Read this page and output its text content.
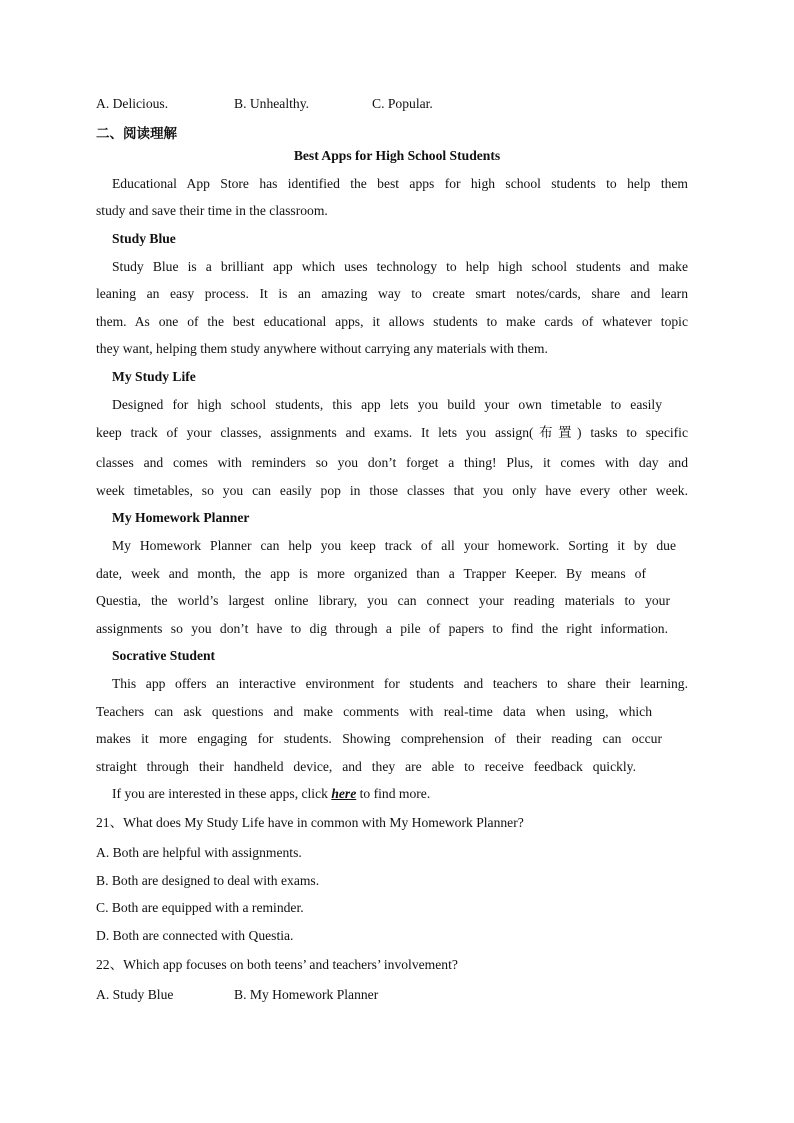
A. Delicious.	B. Unhealthy.	C. Popular.
二、阅读理解
Best Apps for High School Students
Educational App Store has identified the best apps for high school students to help them
study and save their time in the classroom.
Study Blue
Study Blue is a brilliant app which uses technology to help high school students and make
leaning an easy process. It is an amazing way to create smart notes/cards, share and learn
them. As one of the best educational apps, it allows students to make cards of whatever topic
they want, helping them study anywhere without carrying any materials with them.
My Study Life
Designed for high school students, this app lets you build your own timetable to easily
keep track of your classes, assignments and exams. It lets you assign(布置) tasks to specific
classes and comes with reminders so you don’t forget a thing! Plus, it comes with day and
week timetables, so you can easily pop in those classes that you only have every other week.
My Homework Planner
My Homework Planner can help you keep track of all your homework. Sorting it by due
date, week and month, the app is more organized than a Trapper Keeper. By means of
Questia, the world’s largest online library, you can connect your reading materials to your
assignments so you don’t have to dig through a pile of papers to find the right information.
Socrative Student
This app offers an interactive environment for students and teachers to share their learning.
Teachers can ask questions and make comments with real-time data when using, which
makes it more engaging for students. Showing comprehension of their reading can occur
straight through their handheld device, and they are able to receive feedback quickly.
If you are interested in these apps, click here to find more.
21、What does My Study Life have in common with My Homework Planner?
A. Both are helpful with assignments.
B. Both are designed to deal with exams.
C. Both are equipped with a reminder.
D. Both are connected with Questia.
22、Which app focuses on both teens’ and teachers’ involvement?
A. Study Blue	B. My Homework Planner
